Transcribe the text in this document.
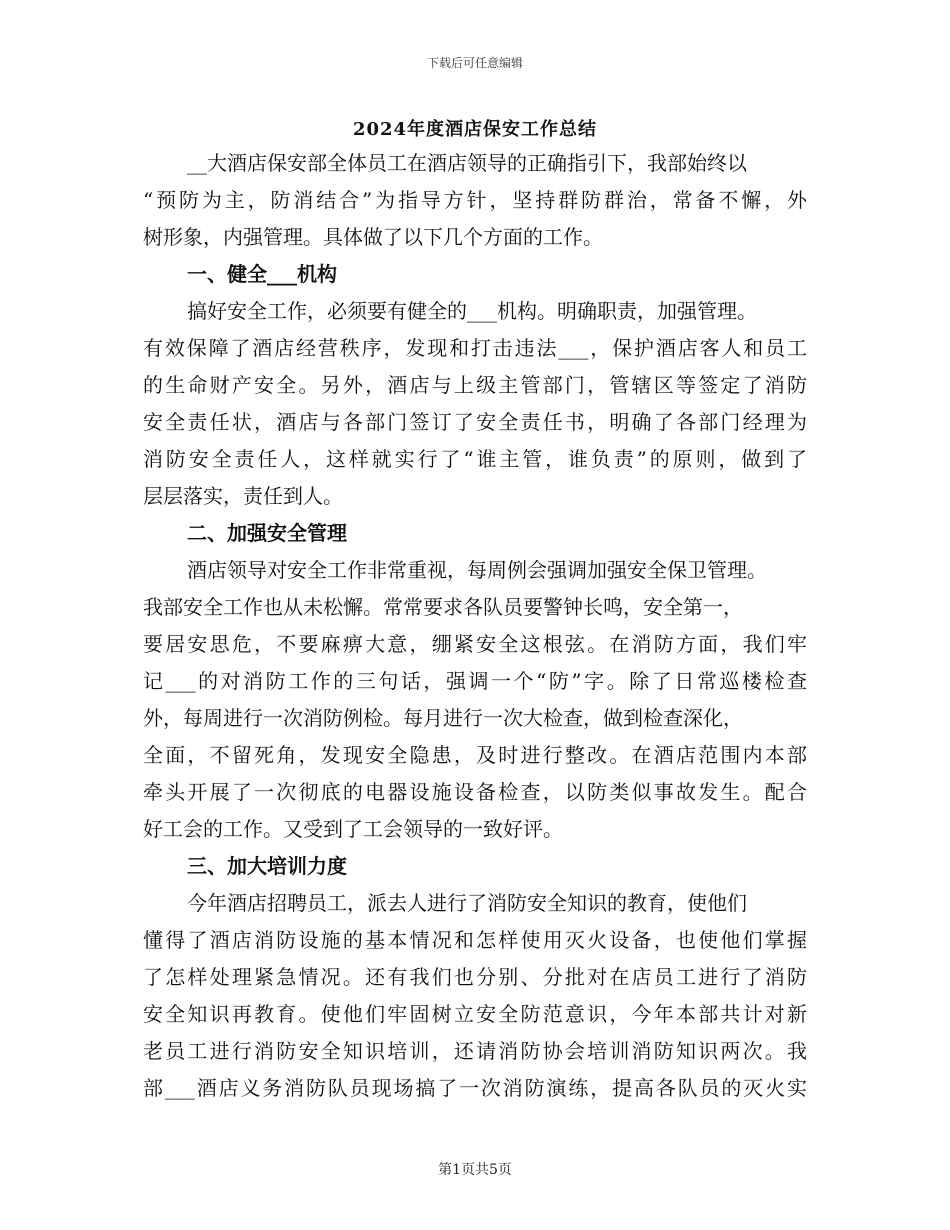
下载后可任意编辑
2024年度酒店保安工作总结
__大酒店保安部全体员工在酒店领导的正确指引下，我部始终以
“预防为主，防消结合”为指导方针，坚持群防群治，常备不懈，外
树形象，内强管理。具体做了以下几个方面的工作。
一、健全___机构
搞好安全工作，必须要有健全的___机构。明确职责，加强管理。
有效保障了酒店经营秩序，发现和打击违法___，保护酒店客人和员工
的生命财产安全。另外，酒店与上级主管部门，管辖区等签定了消防
安全责任状，酒店与各部门签订了安全责任书，明确了各部门经理为
消防安全责任人，这样就实行了“谁主管，谁负责”的原则，做到了
层层落实，责任到人。
二、加强安全管理
酒店领导对安全工作非常重视，每周例会强调加强安全保卫管理。
我部安全工作也从未松懈。常常要求各队员要警钟长鸣，安全第一，
要居安思危，不要麻痹大意，绷紧安全这根弦。在消防方面，我们牢
记___的对消防工作的三句话，强调一个“防”字。除了日常巡楼检查
外，每周进行一次消防例检。每月进行一次大检查，做到检查深化，
全面，不留死角，发现安全隐患，及时进行整改。在酒店范围内本部
牵头开展了一次彻底的电器设施设备检查，以防类似事故发生。配合
好工会的工作。又受到了工会领导的一致好评。
三、加大培训力度
今年酒店招聘员工，派去人进行了消防安全知识的教育，使他们
懂得了酒店消防设施的基本情况和怎样使用灭火设备，也使他们掌握
了怎样处理紧急情况。还有我们也分别、分批对在店员工进行了消防
安全知识再教育。使他们牢固树立安全防范意识，今年本部共计对新
老员工进行消防安全知识培训，还请消防协会培训消防知识两次。我
部___酒店义务消防队员现场搞了一次消防演练，提高各队员的灭火实
第1页共5页
